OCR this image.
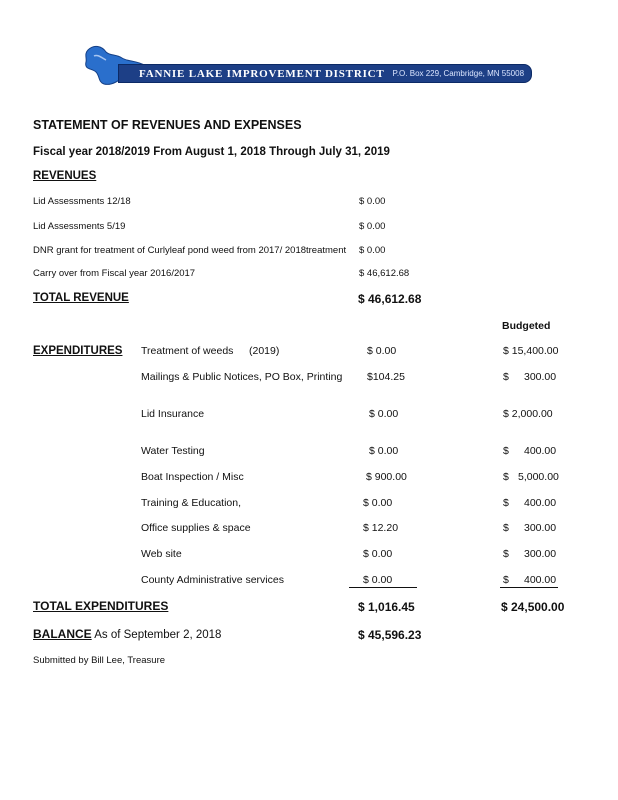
FANNIE LAKE IMPROVEMENT DISTRICT P.O. Box 229, Cambridge, MN 55008
STATEMENT OF REVENUES AND EXPENSES
Fiscal year 2018/2019 From August 1, 2018 Through July 31, 2019
REVENUES
Lid Assessments 12/18	$ 0.00
Lid Assessments 5/19	$ 0.00
DNR grant for treatment of Curlyleaf pond weed from 2017/ 2018treatment $ 0.00
Carry over from Fiscal year 2016/2017	$ 46,612.68
TOTAL REVENUE	$ 46,612.68
Budgeted
EXPENDITURES Treatment of weeds (2019)	$ 0.00	$ 15,400.00
Mailings & Public Notices, PO Box, Printing $104.25	$ 300.00
Lid Insurance	$ 0.00	$ 2,000.00
Water Testing	$ 0.00	$ 400.00
Boat Inspection / Misc	$ 900.00	$ 5,000.00
Training & Education,	$ 0.00	$ 400.00
Office supplies & space	$ 12.20	$ 300.00
Web site	$ 0.00	$ 300.00
County Administrative services	$ 0.00	$ 400.00
TOTAL EXPENDITURES	$ 1,016.45	$ 24,500.00
BALANCE As of September 2, 2018	$ 45,596.23
Submitted by Bill Lee, Treasure
